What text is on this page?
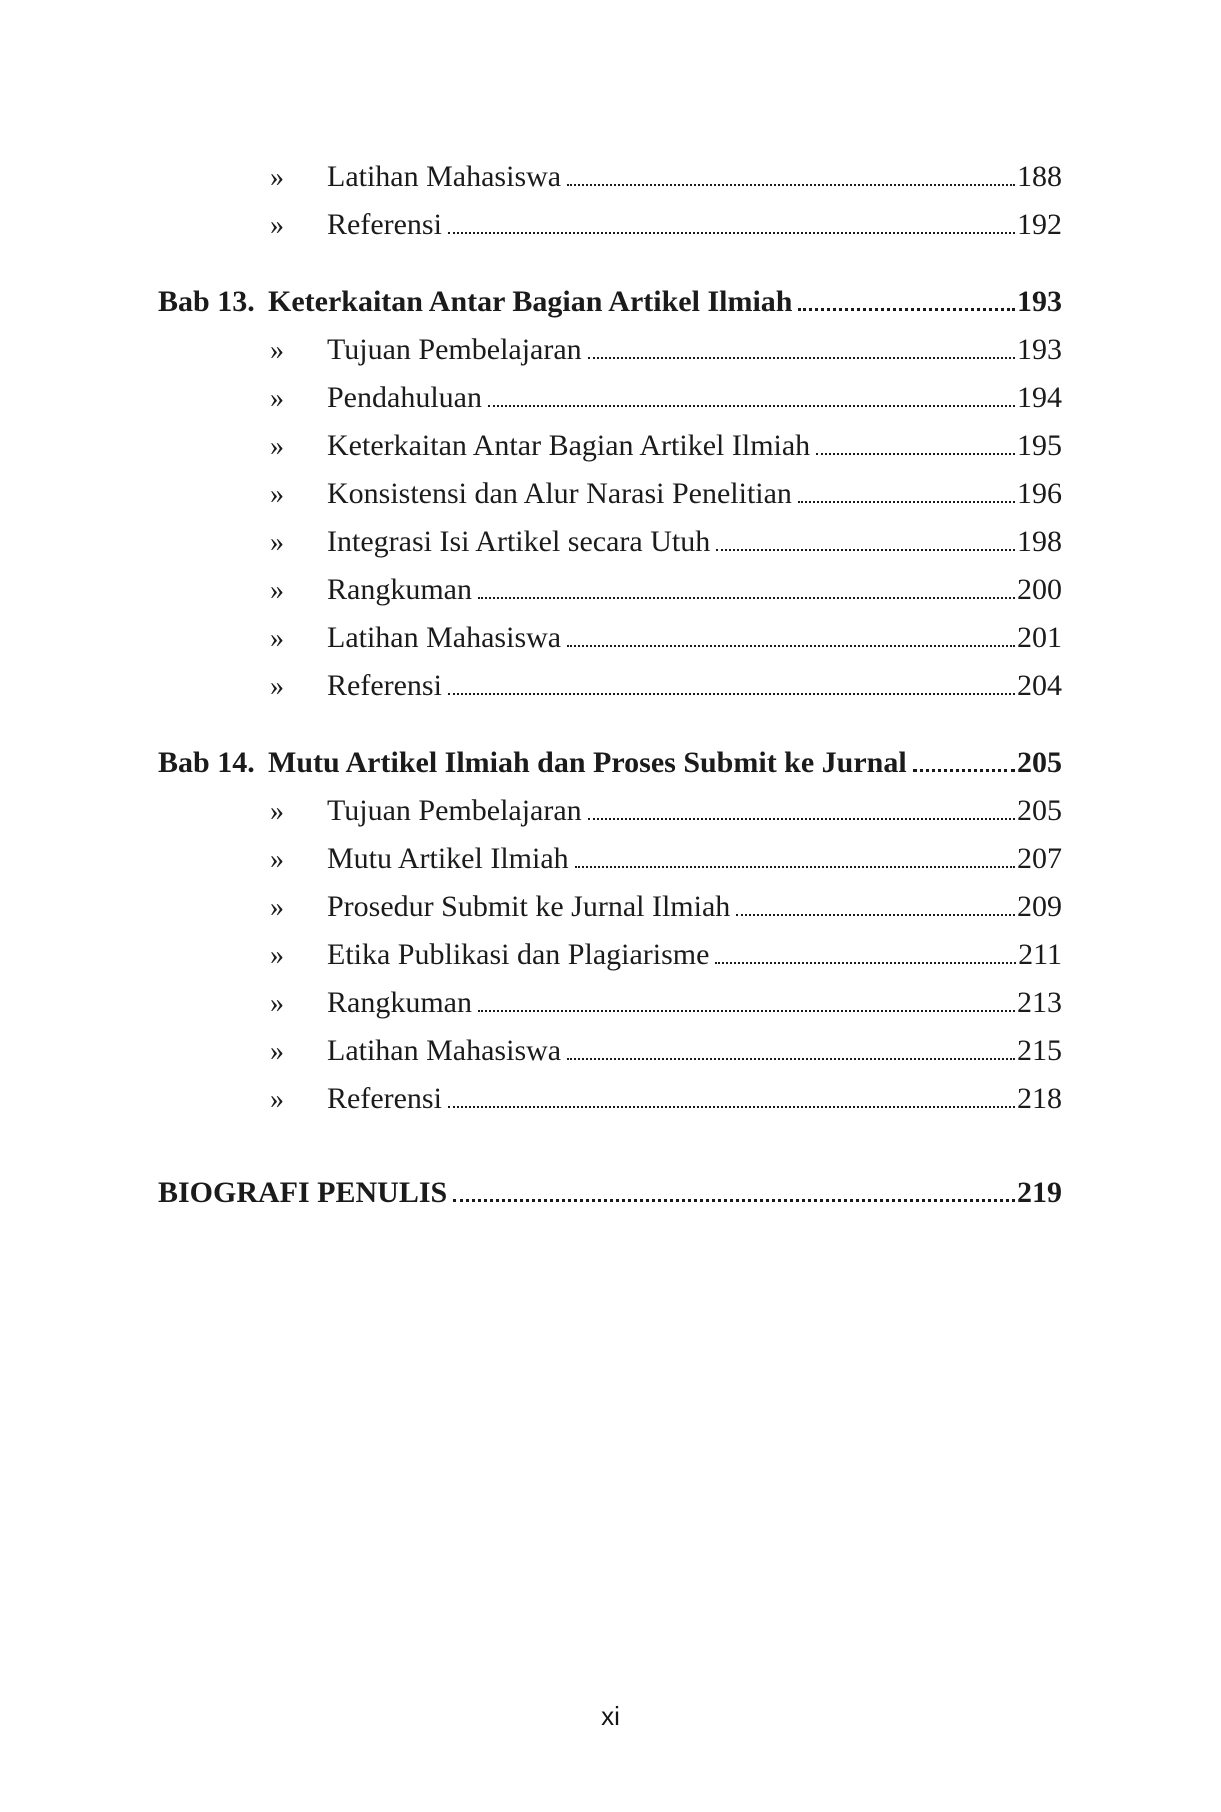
»	Latihan Mahasiswa	188
»	Referensi	192
Bab 13. Keterkaitan Antar Bagian Artikel Ilmiah	193
»	Tujuan Pembelajaran	193
»	Pendahuluan	194
»	Keterkaitan Antar Bagian Artikel Ilmiah	195
»	Konsistensi dan Alur Narasi Penelitian	196
»	Integrasi Isi Artikel secara Utuh	198
»	Rangkuman	200
»	Latihan Mahasiswa	201
»	Referensi	204
Bab 14. Mutu Artikel Ilmiah dan Proses Submit ke Jurnal	205
»	Tujuan Pembelajaran	205
»	Mutu Artikel Ilmiah	207
»	Prosedur Submit ke Jurnal Ilmiah	209
»	Etika Publikasi dan Plagiarisme	211
»	Rangkuman	213
»	Latihan Mahasiswa	215
»	Referensi	218
BIOGRAFI PENULIS	219
xi
